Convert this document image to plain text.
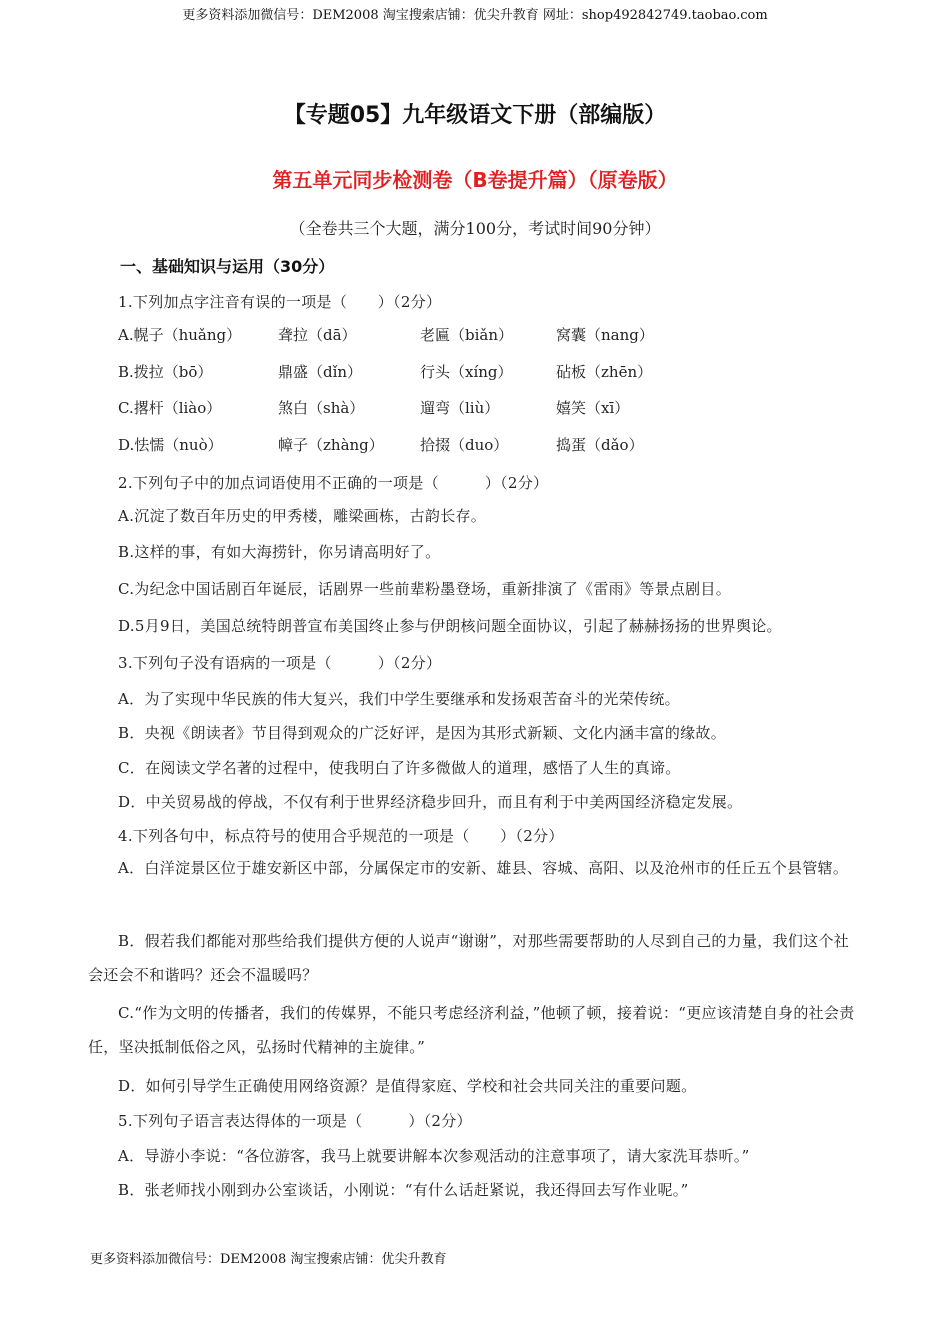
更多资料添加微信号：DEM2008 淘宝搜索店铺：优尖升教育 网址：shop492842749.taobao.com
【专题05】九年级语文下册（部编版）
第五单元同步检测卷（B卷提升篇）（原卷版）
（全卷共三个大题，满分100分，考试时间90分钟）
一、基础知识与运用（30分）
1.下列加点字注音有误的一项是（　　）（2分）
A.幌子（huǎng） 聋拉（dā）	老匾（biǎn）	窝囊（nang）
B.拨拉（bō）	鼎盛（dǐn）	行头（xíng）	砧板（zhēn）
C.撂杆（liào）	煞白（shà）	遛弯（liù）	嬉笑（xī）
D.怯懦（nuò）	幛子（zhàng） 拾掇（duo）	捣蛋（dǎo）
2.下列句子中的加点词语使用不正确的一项是（　　　）（2分）
A.沉淀了数百年历史的甲秀楼，雕梁画栋，古韵长存。
B.这样的事，有如大海捞针，你另请高明好了。
C.为纪念中国话剧百年诞辰，话剧界一些前辈粉墨登场，重新排演了《雷雨》等景点剧目。
D.5月9日，美国总统特朗普宣布美国终止参与伊朗核问题全面协议，引起了赫赫扬扬的世界舆论。
3.下列句子没有语病的一项是（　　　）（2分）
A．为了实现中华民族的伟大复兴，我们中学生要继承和发扬艰苦奋斗的光荣传统。
B．央视《朗读者》节目得到观众的广泛好评，是因为其形式新颖、文化内涵丰富的缘故。
C．在阅读文学名著的过程中，使我明白了许多微做人的道理，感悟了人生的真谛。
D．中关贸易战的停战，不仅有利于世界经济稳步回升，而且有利于中美两国经济稳定发展。
4.下列各句中，标点符号的使用合乎规范的一项是（　　）（2分）
A．白洋淀景区位于雄安新区中部，分属保定市的安新、雄县、容城、高阳、以及沧州市的任丘五个县管辖。
B．假若我们都能对那些给我们提供方便的人说声“谢谢”，对那些需要帮助的人尽到自己的力量，我们这个社会还会不和谐吗？还会不温暖吗？
C.“作为文明的传播者，我们的传媒界，不能只考虑经济利益，”他顿了顿，接着说：“更应该清楚自身的社会责任，坚决抵制低俗之风，弘扬时代精神的主旋律。”
D．如何引导学生正确使用网络资源？是值得家庭、学校和社会共同关注的重要问题。
5.下列句子语言表达得体的一项是（　　　）（2分）
A．导游小李说：“各位游客，我马上就要讲解本次参观活动的注意事项了，请大家洗耳恭听。”
B．张老师找小刚到办公室谈话，小刚说：“有什么话赶紧说，我还得回去写作业呢。”
更多资料添加微信号：DEM2008 淘宝搜索店铺：优尖升教育
